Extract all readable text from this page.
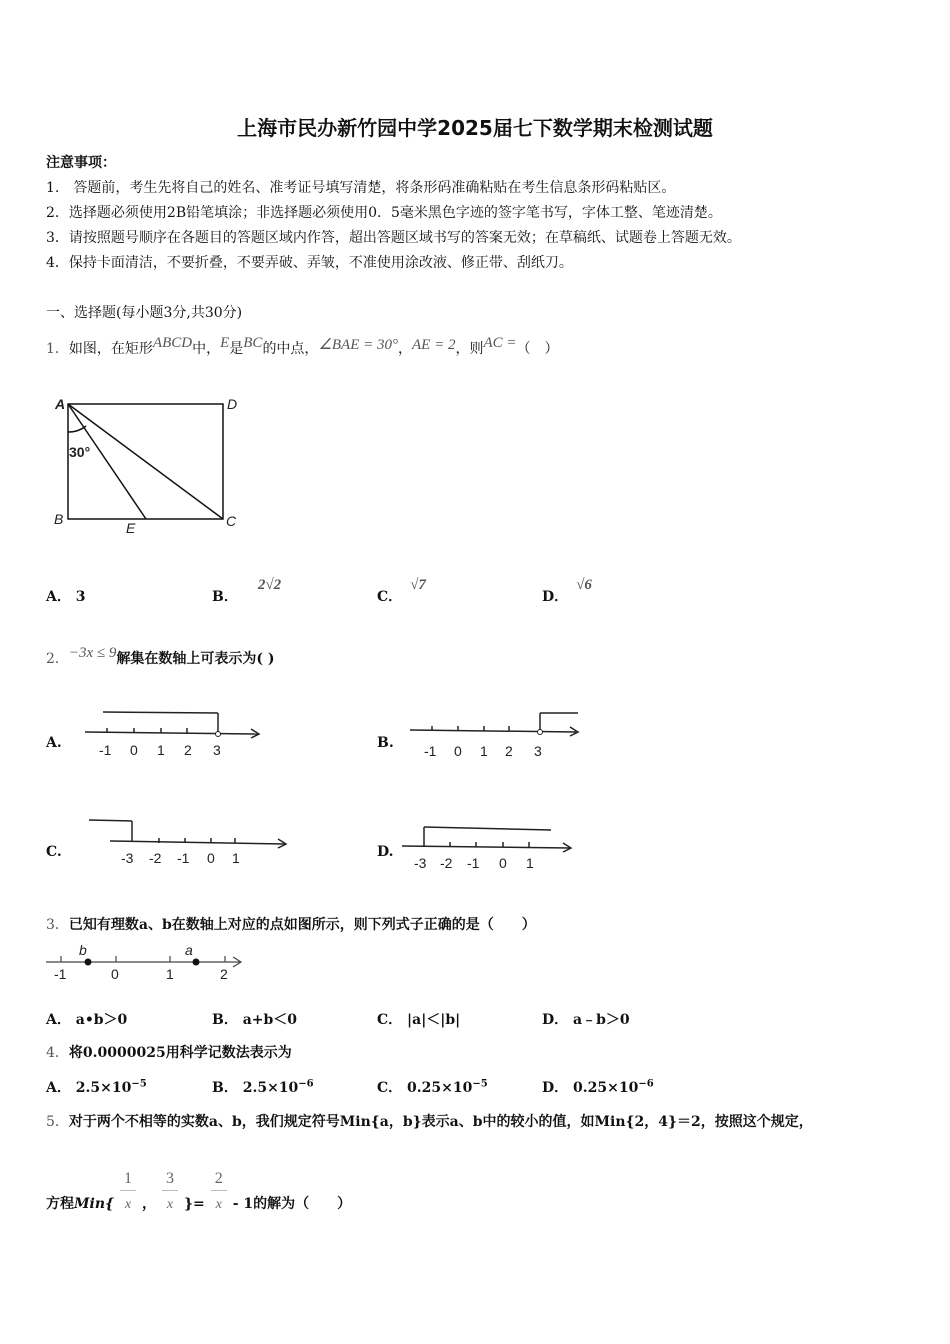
上海市民办新竹园中学2025届七下数学期末检测试题
注意事项：
1.　答题前，考生先将自己的姓名、准考证号填写清楚，将条形码准确粘贴在考生信息条形码粘贴区。
2．选择题必须使用2B铅笔填涂；非选择题必须使用0．5毫米黑色字迹的签字笔书写，字体工整、笔迹清楚。
3．请按照题号顺序在各题目的答题区域内作答，超出答题区域书写的答案无效；在草稿纸、试题卷上答题无效。
4．保持卡面清洁，不要折叠，不要弄破、弄皱，不准使用涂改液、修正带、刮纸刀。
一、选择题(每小题3分,共30分)
1．如图，在矩形ABCD中，E是BC的中点，∠BAE = 30°，AE = 2，则AC =（　）
A	D
B	C
E
30°
A． 3	B．2√2
C．√7
D．√6
2．−3x ≤ 9解集在数轴上可表示为( )
A.	B.
C.	D.
-1 0 1 2 3	-1 0 1 2 3
-3 -2 -1 0 1	-3 -2 -1 0 1
3．已知有理数a、b在数轴上对应的点如图所示，则下列式子正确的是（　　）
b	a
-1	0	1	2
A． a•b＞0	B． a+b＜0	C． |a|＜|b|	D． a﹣b＞0
4．将0.0000025用科学记数法表示为
A． $2.5\times 10^{-5}$	B． $2.5\times 10^{-6}$	C． $0.25\times 10^{-5}$	D． $0.25\times 10^{-6}$
5．对于两个不相等的实数a、b，我们规定符号Min{a，b}表示a、b中的较小的值，如Min{2，4}＝2，按照这个规定，
方程$Min\{ \frac{1}{x}$ ， $\frac{3}{x}$ }= $\frac{2}{x} - 1$的解为（　　）
